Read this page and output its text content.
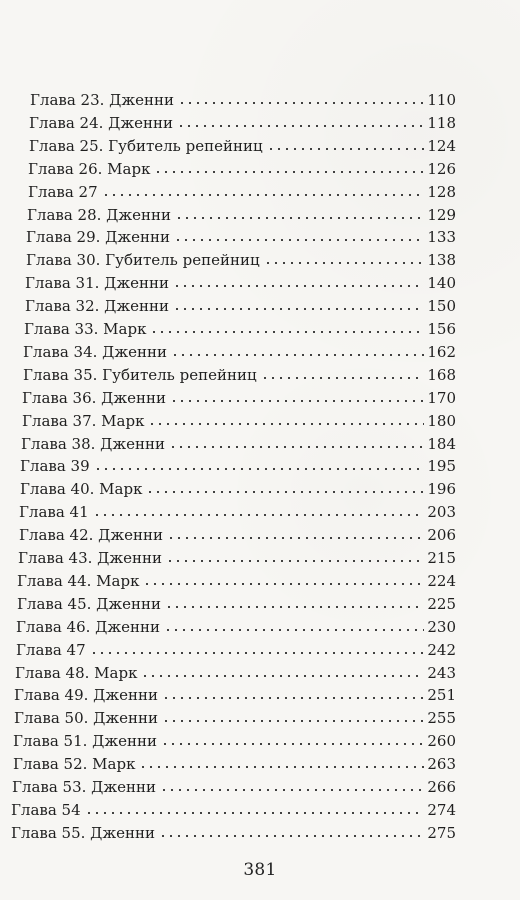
Глава 23. Дженни	110
Глава 24. Дженни	118
Глава 25. Губитель репейниц	124
Глава 26. Марк	126
Глава 27	128
Глава 28. Дженни	129
Глава 29. Дженни	133
Глава 30. Губитель репейниц	138
Глава 31. Дженни	140
Глава 32. Дженни	150
Глава 33. Марк	156
Глава 34. Дженни	162
Глава 35. Губитель репейниц	168
Глава 36. Дженни	170
Глава 37. Марк	180
Глава 38. Дженни	184
Глава 39	195
Глава 40. Марк	196
Глава 41	203
Глава 42. Дженни	206
Глава 43. Дженни	215
Глава 44. Марк	224
Глава 45. Дженни	225
Глава 46. Дженни	230
Глава 47	242
Глава 48. Марк	243
Глава 49. Дженни	251
Глава 50. Дженни	255
Глава 51. Дженни	260
Глава 52. Марк	263
Глава 53. Дженни	266
Глава 54	274
Глава 55. Дженни	275
381
